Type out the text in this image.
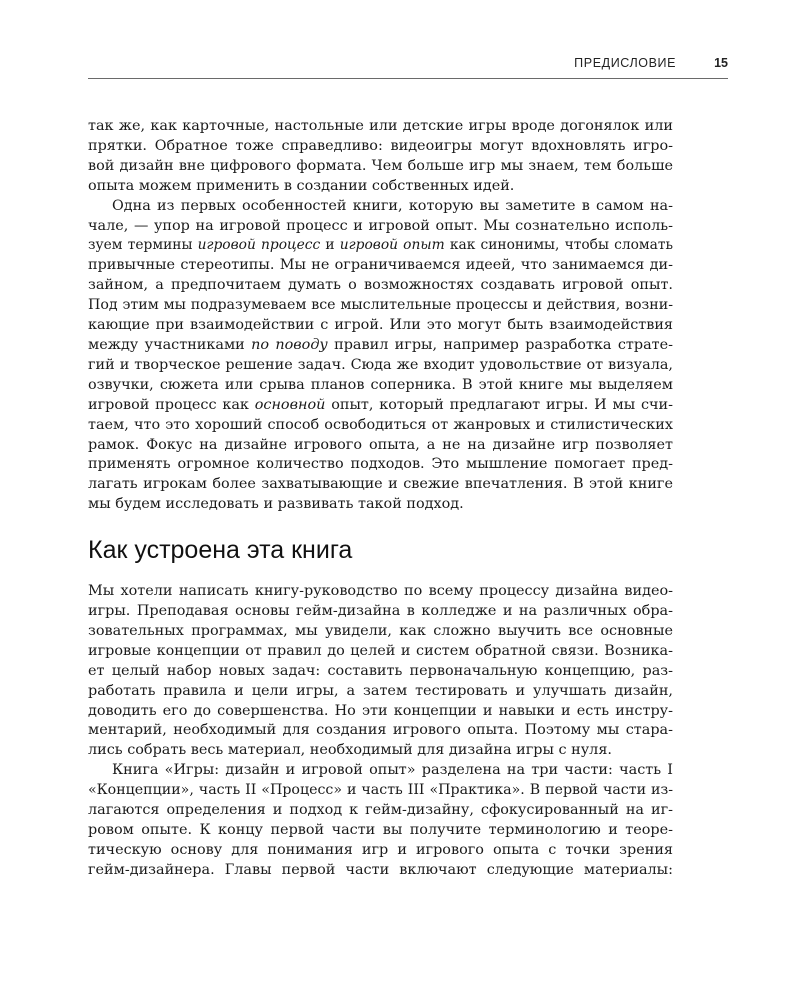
ПРЕДИСЛОВИЕ	15

так же, как карточные, настольные или детские игры вроде догонялок или

прятки. Обратное тоже справедливо: видеоигры могут вдохновлять игро-

вой дизайн вне цифрового формата. Чем больше игр мы знаем, тем больше

опыта можем применить в создании собственных идей.

Одна из первых особенностей книги, которую вы заметите в самом на-

чале, — упор на игровой процесс и игровой опыт. Мы сознательно исполь-

зуем термины игровой процесс и игровой опыт как синонимы, чтобы сломать

привычные стереотипы. Мы не ограничиваемся идеей, что занимаемся ди-

зайном, а предпочитаем думать о возможностях создавать игровой опыт.

Под этим мы подразумеваем все мыслительные процессы и действия, возни-

кающие при взаимодействии с игрой. Или это могут быть взаимодействия

между участниками по поводу правил игры, например разработка страте-

гий и творческое решение задач. Сюда же входит удовольствие от визуала,

озвучки, сюжета или срыва планов соперника. В этой книге мы выделяем

игровой процесс как основной опыт, который предлагают игры. И мы счи-

таем, что это хороший способ освободиться от жанровых и стилистических

рамок. Фокус на дизайне игрового опыта, а не на дизайне игр позволяет

применять огромное количество подходов. Это мышление помогает пред-

лагать игрокам более захватывающие и свежие впечатления. В этой книге

мы будем исследовать и развивать такой подход.

Как устроена эта книга

Мы хотели написать книгу-руководство по всему процессу дизайна видео-

игры. Преподавая основы гейм-дизайна в колледже и на различных обра-

зовательных программах, мы увидели, как сложно выучить все основные

игровые концепции от правил до целей и систем обратной связи. Возника-

ет целый набор новых задач: составить первоначальную концепцию, раз-

работать правила и цели игры, а затем тестировать и улучшать дизайн,

доводить его до совершенства. Но эти концепции и навыки и есть инстру-

ментарий, необходимый для создания игрового опыта. Поэтому мы стара-

лись собрать весь материал, необходимый для дизайна игры с нуля.

Книга «Игры: дизайн и игровой опыт» разделена на три части: часть I

«Концепции», часть II «Процесс» и часть III «Практика». В первой части из-

лагаются определения и подход к гейм-дизайну, сфокусированный на иг-

ровом опыте. К концу первой части вы получите терминологию и теоре-

тическую основу для понимания игр и игрового опыта с точки зрения

гейм-дизайнера. Главы первой части включают следующие материалы:
